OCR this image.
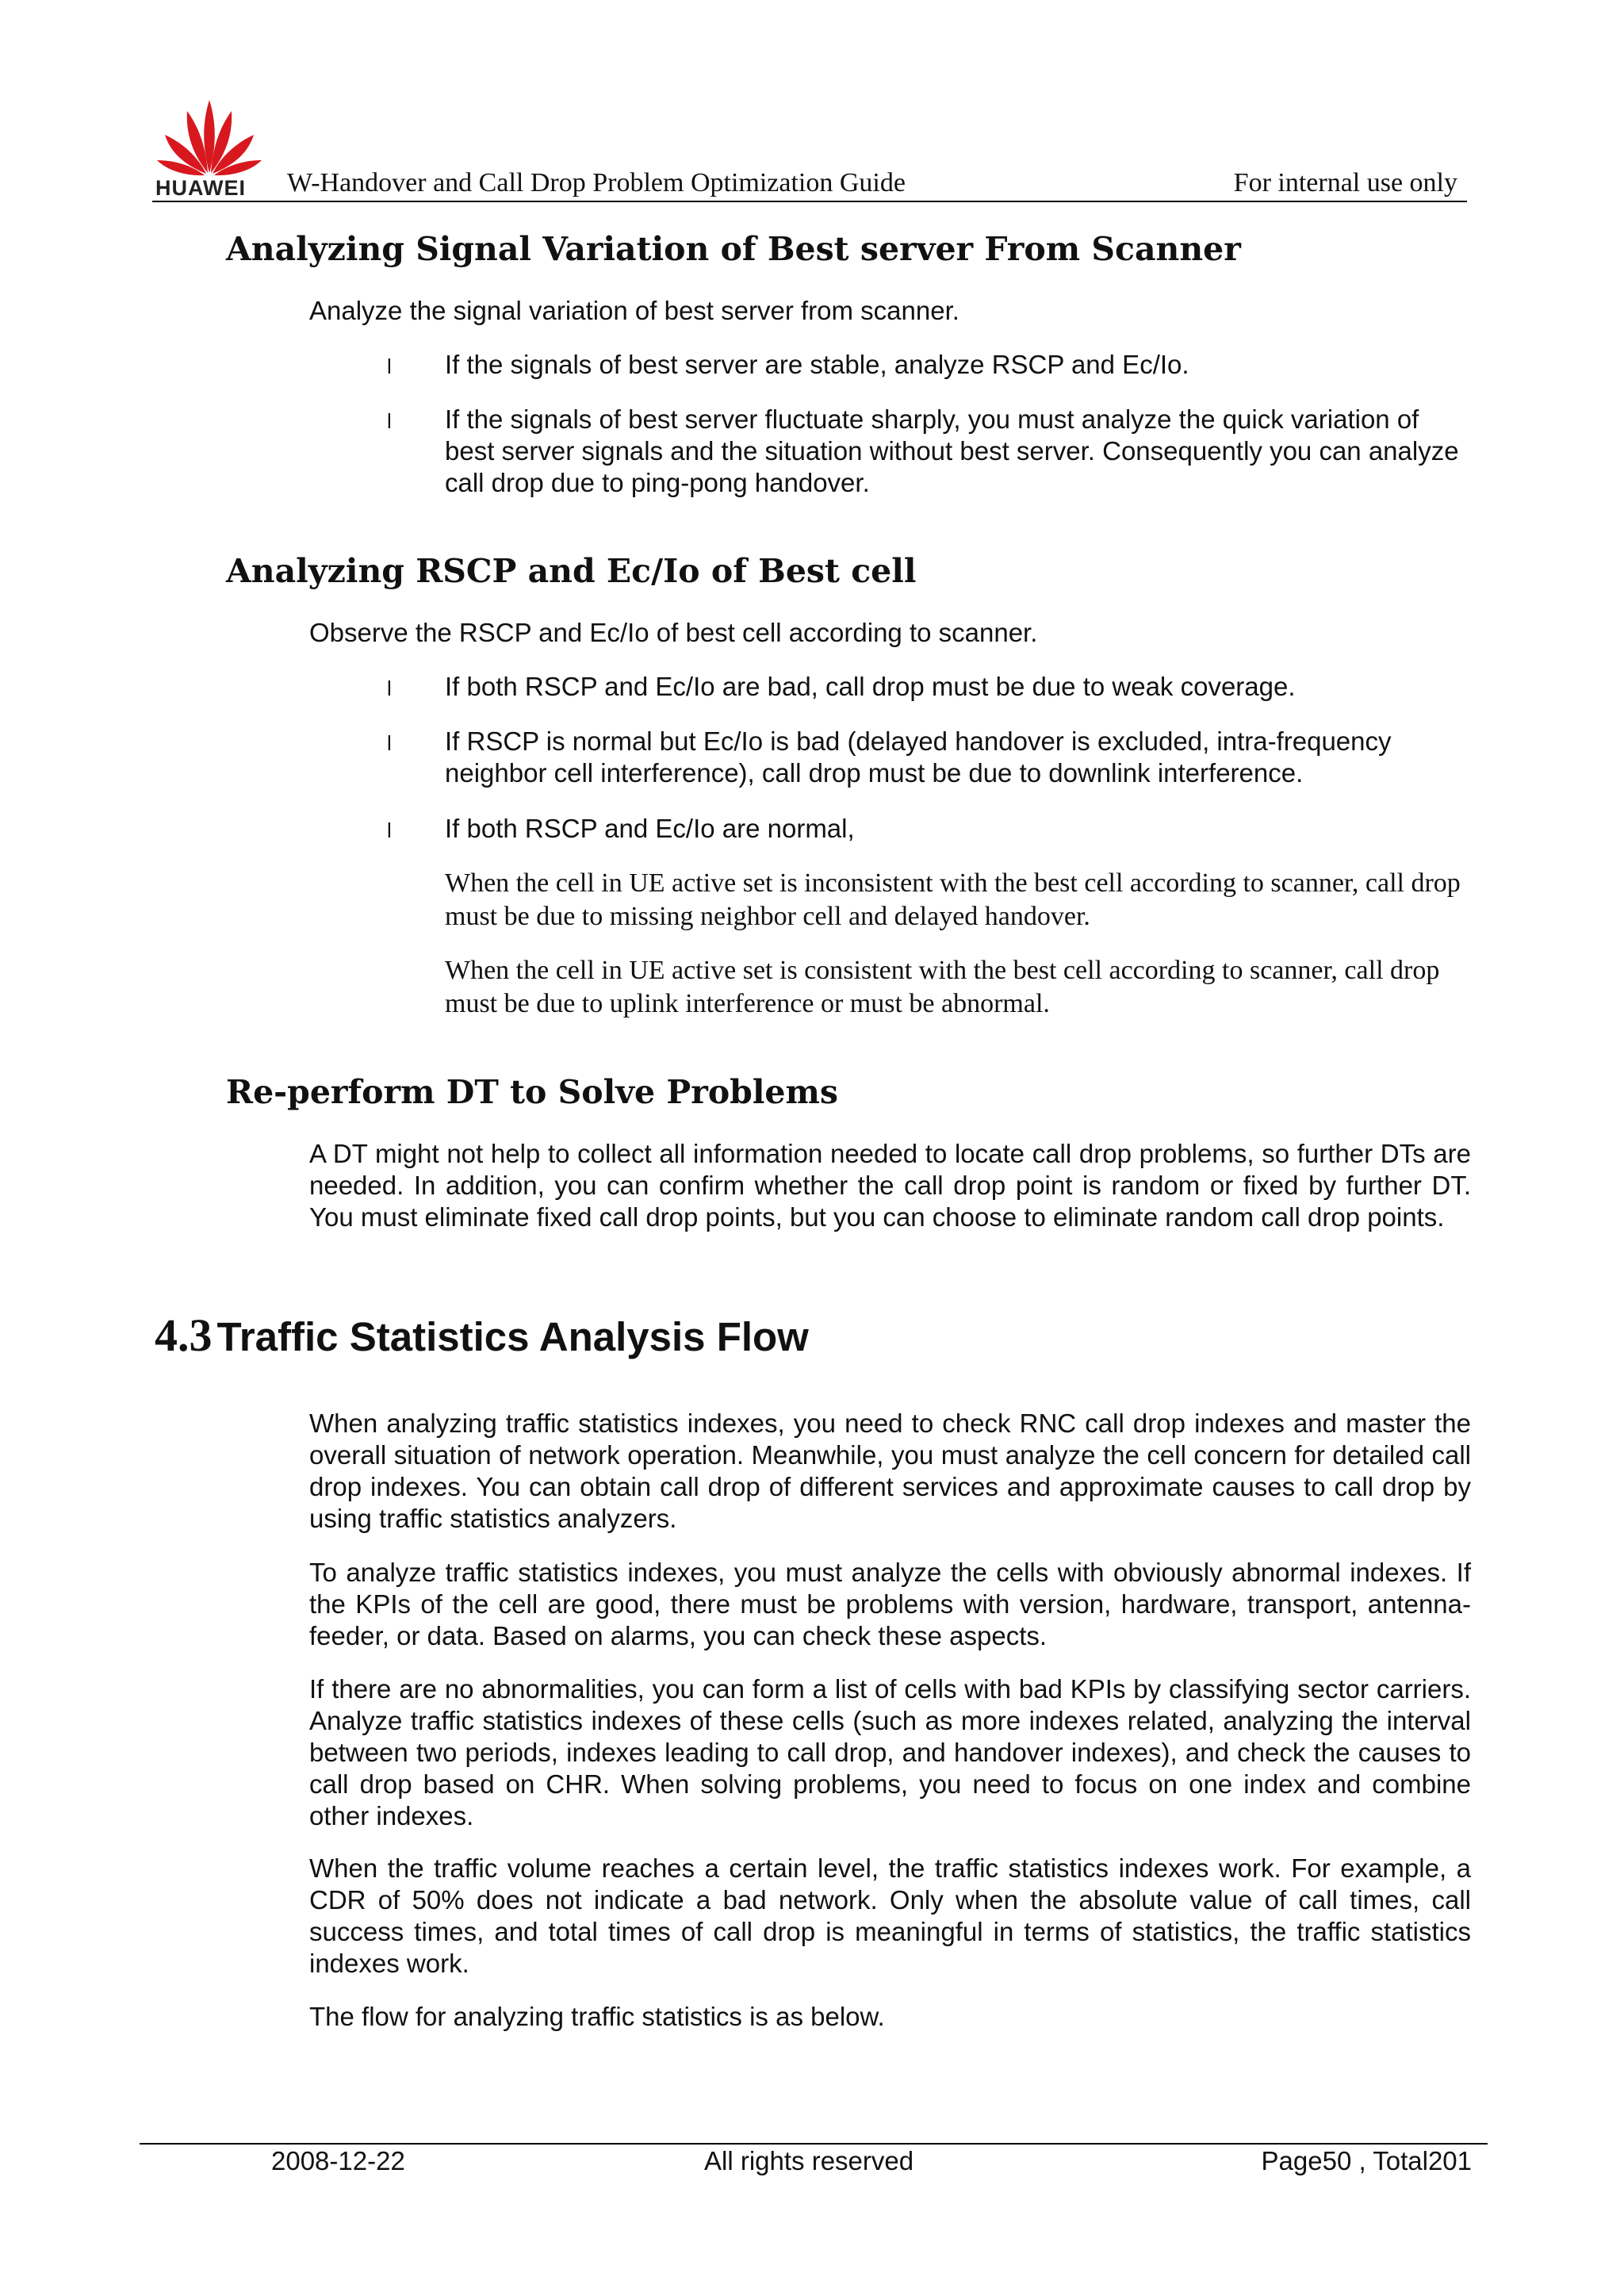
HUAWEI	W-Handover and Call Drop Problem Optimization Guide	For internal use only
Analyzing Signal Variation of Best server From Scanner

Analyze the signal variation of best server from scanner.

l If the signals of best server are stable, analyze RSCP and Ec/Io.

l If the signals of best server fluctuate sharply, you must analyze the quick variation of best server signals and the situation without best server. Consequently you can analyze call drop due to ping-pong handover.

Analyzing RSCP and Ec/Io of Best cell

Observe the RSCP and Ec/Io of best cell according to scanner.

l If both RSCP and Ec/Io are bad, call drop must be due to weak coverage.

l If RSCP is normal but Ec/Io is bad (delayed handover is excluded, intra-frequency neighbor cell interference), call drop must be due to downlink interference.

l If both RSCP and Ec/Io are normal,

When the cell in UE active set is inconsistent with the best cell according to scanner, call drop must be due to missing neighbor cell and delayed handover.

When the cell in UE active set is consistent with the best cell according to scanner, call drop must be due to uplink interference or must be abnormal.

Re-perform DT to Solve Problems

A DT might not help to collect all information needed to locate call drop problems, so further DTs are needed. In addition, you can confirm whether the call drop point is random or fixed by further DT. You must eliminate fixed call drop points, but you can choose to eliminate random call drop points.

4.3 Traffic Statistics Analysis Flow

When analyzing traffic statistics indexes, you need to check RNC call drop indexes and master the overall situation of network operation. Meanwhile, you must analyze the cell concern for detailed call drop indexes. You can obtain call drop of different services and approximate causes to call drop by using traffic statistics analyzers.

To analyze traffic statistics indexes, you must analyze the cells with obviously abnormal indexes. If the KPIs of the cell are good, there must be problems with version, hardware, transport, antenna-feeder, or data. Based on alarms, you can check these aspects.

If there are no abnormalities, you can form a list of cells with bad KPIs by classifying sector carriers. Analyze traffic statistics indexes of these cells (such as more indexes related, analyzing the interval between two periods, indexes leading to call drop, and handover indexes), and check the causes to call drop based on CHR. When solving problems, you need to focus on one index and combine other indexes.

When the traffic volume reaches a certain level, the traffic statistics indexes work. For example, a CDR of 50% does not indicate a bad network. Only when the absolute value of call times, call success times, and total times of call drop is meaningful in terms of statistics, the traffic statistics indexes work.

The flow for analyzing traffic statistics is as below.

2008-12-22	All rights reserved	Page50 , Total201
